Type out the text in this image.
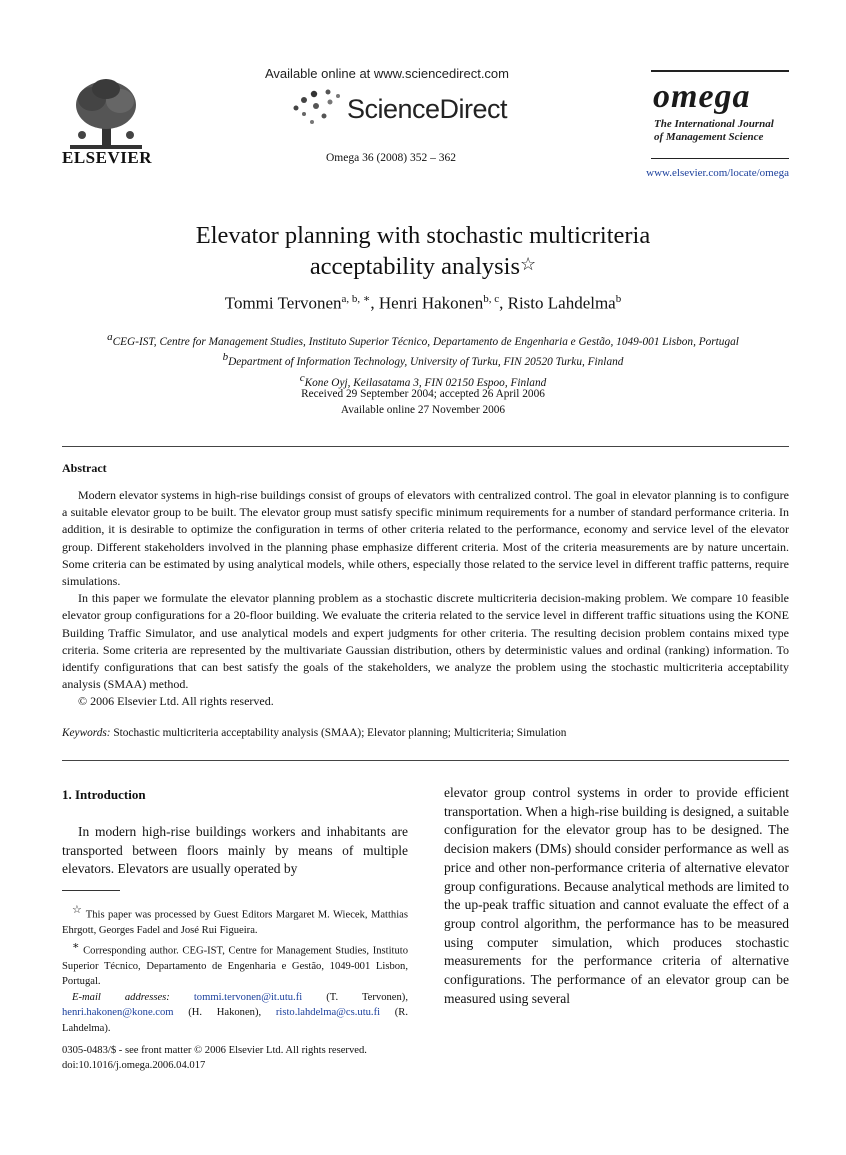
ELSEVIER
Available online at www.sciencedirect.com
ScienceDirect
Omega 36 (2008) 352 – 362
omega
The International Journal
of Management Science
www.elsevier.com/locate/omega
Elevator planning with stochastic multicriteria
acceptability analysis☆
Tommi Tervonen$^{a, b, ∗}$, Henri Hakonen$^{b, c}$, Risto Lahdelma$^b$
$^a$CEG-IST, Centre for Management Studies, Instituto Superior Técnico, Departamento de Engenharia e Gestão, 1049-001 Lisbon, Portugal
$^b$Department of Information Technology, University of Turku, FIN 20520 Turku, Finland
$^c$Kone Oyj, Keilasatama 3, FIN 02150 Espoo, Finland
Received 29 September 2004; accepted 26 April 2006
Available online 27 November 2006
Abstract

Modern elevator systems in high-rise buildings consist of groups of elevators with centralized control. The goal in elevator planning is to configure a suitable elevator group to be built. The elevator group must satisfy specific minimum requirements for a number of standard performance criteria. In addition, it is desirable to optimize the configuration in terms of other criteria related to the performance, economy and service level of the elevator group. Different stakeholders involved in the planning phase emphasize different criteria. Most of the criteria measurements are by nature uncertain. Some criteria can be estimated by using analytical models, while others, especially those related to the service level in different traffic patterns, require simulations.

In this paper we formulate the elevator planning problem as a stochastic discrete multicriteria decision-making problem. We compare 10 feasible elevator group configurations for a 20-floor building. We evaluate the criteria related to the service level in different traffic situations using the KONE Building Traffic Simulator, and use analytical models and expert judgments for other criteria. The resulting decision problem contains mixed type criteria. Some criteria are represented by the multivariate Gaussian distribution, others by deterministic values and ordinal (ranking) information. To identify configurations that can best satisfy the goals of the stakeholders, we analyze the problem using the stochastic multicriteria acceptability analysis (SMAA) method.

© 2006 Elsevier Ltd. All rights reserved.

Keywords: Stochastic multicriteria acceptability analysis (SMAA); Elevator planning; Multicriteria; Simulation
1. Introduction

In modern high-rise buildings workers and inhabitants are transported between floors mainly by means of multiple elevators. Elevators are usually operated by

elevator group control systems in order to provide efficient transportation. When a high-rise building is designed, a suitable configuration for the elevator group has to be designed. The decision makers (DMs) should consider performance as well as price and other non-performance criteria of alternative elevator group configurations. Because analytical methods are limited to the up-peak traffic situation and cannot evaluate the effect of a group control algorithm, the performance has to be measured using computer simulation, which produces stochastic measurements for the performance criteria of alternative configurations. The performance of an elevator group can be measured using several

☆ This paper was processed by Guest Editors Margaret M. Wiecek, Matthias Ehrgott, Georges Fadel and José Rui Figueira.

∗ Corresponding author. CEG-IST, Centre for Management Studies, Instituto Superior Técnico, Departamento de Engenharia e Gestão, 1049-001 Lisbon, Portugal.

E-mail addresses: tommi.tervonen@it.utu.fi (T. Tervonen), henri.hakonen@kone.com (H. Hakonen), risto.lahdelma@cs.utu.fi (R. Lahdelma).

0305-0483/$ - see front matter © 2006 Elsevier Ltd. All rights reserved.
doi:10.1016/j.omega.2006.04.017
